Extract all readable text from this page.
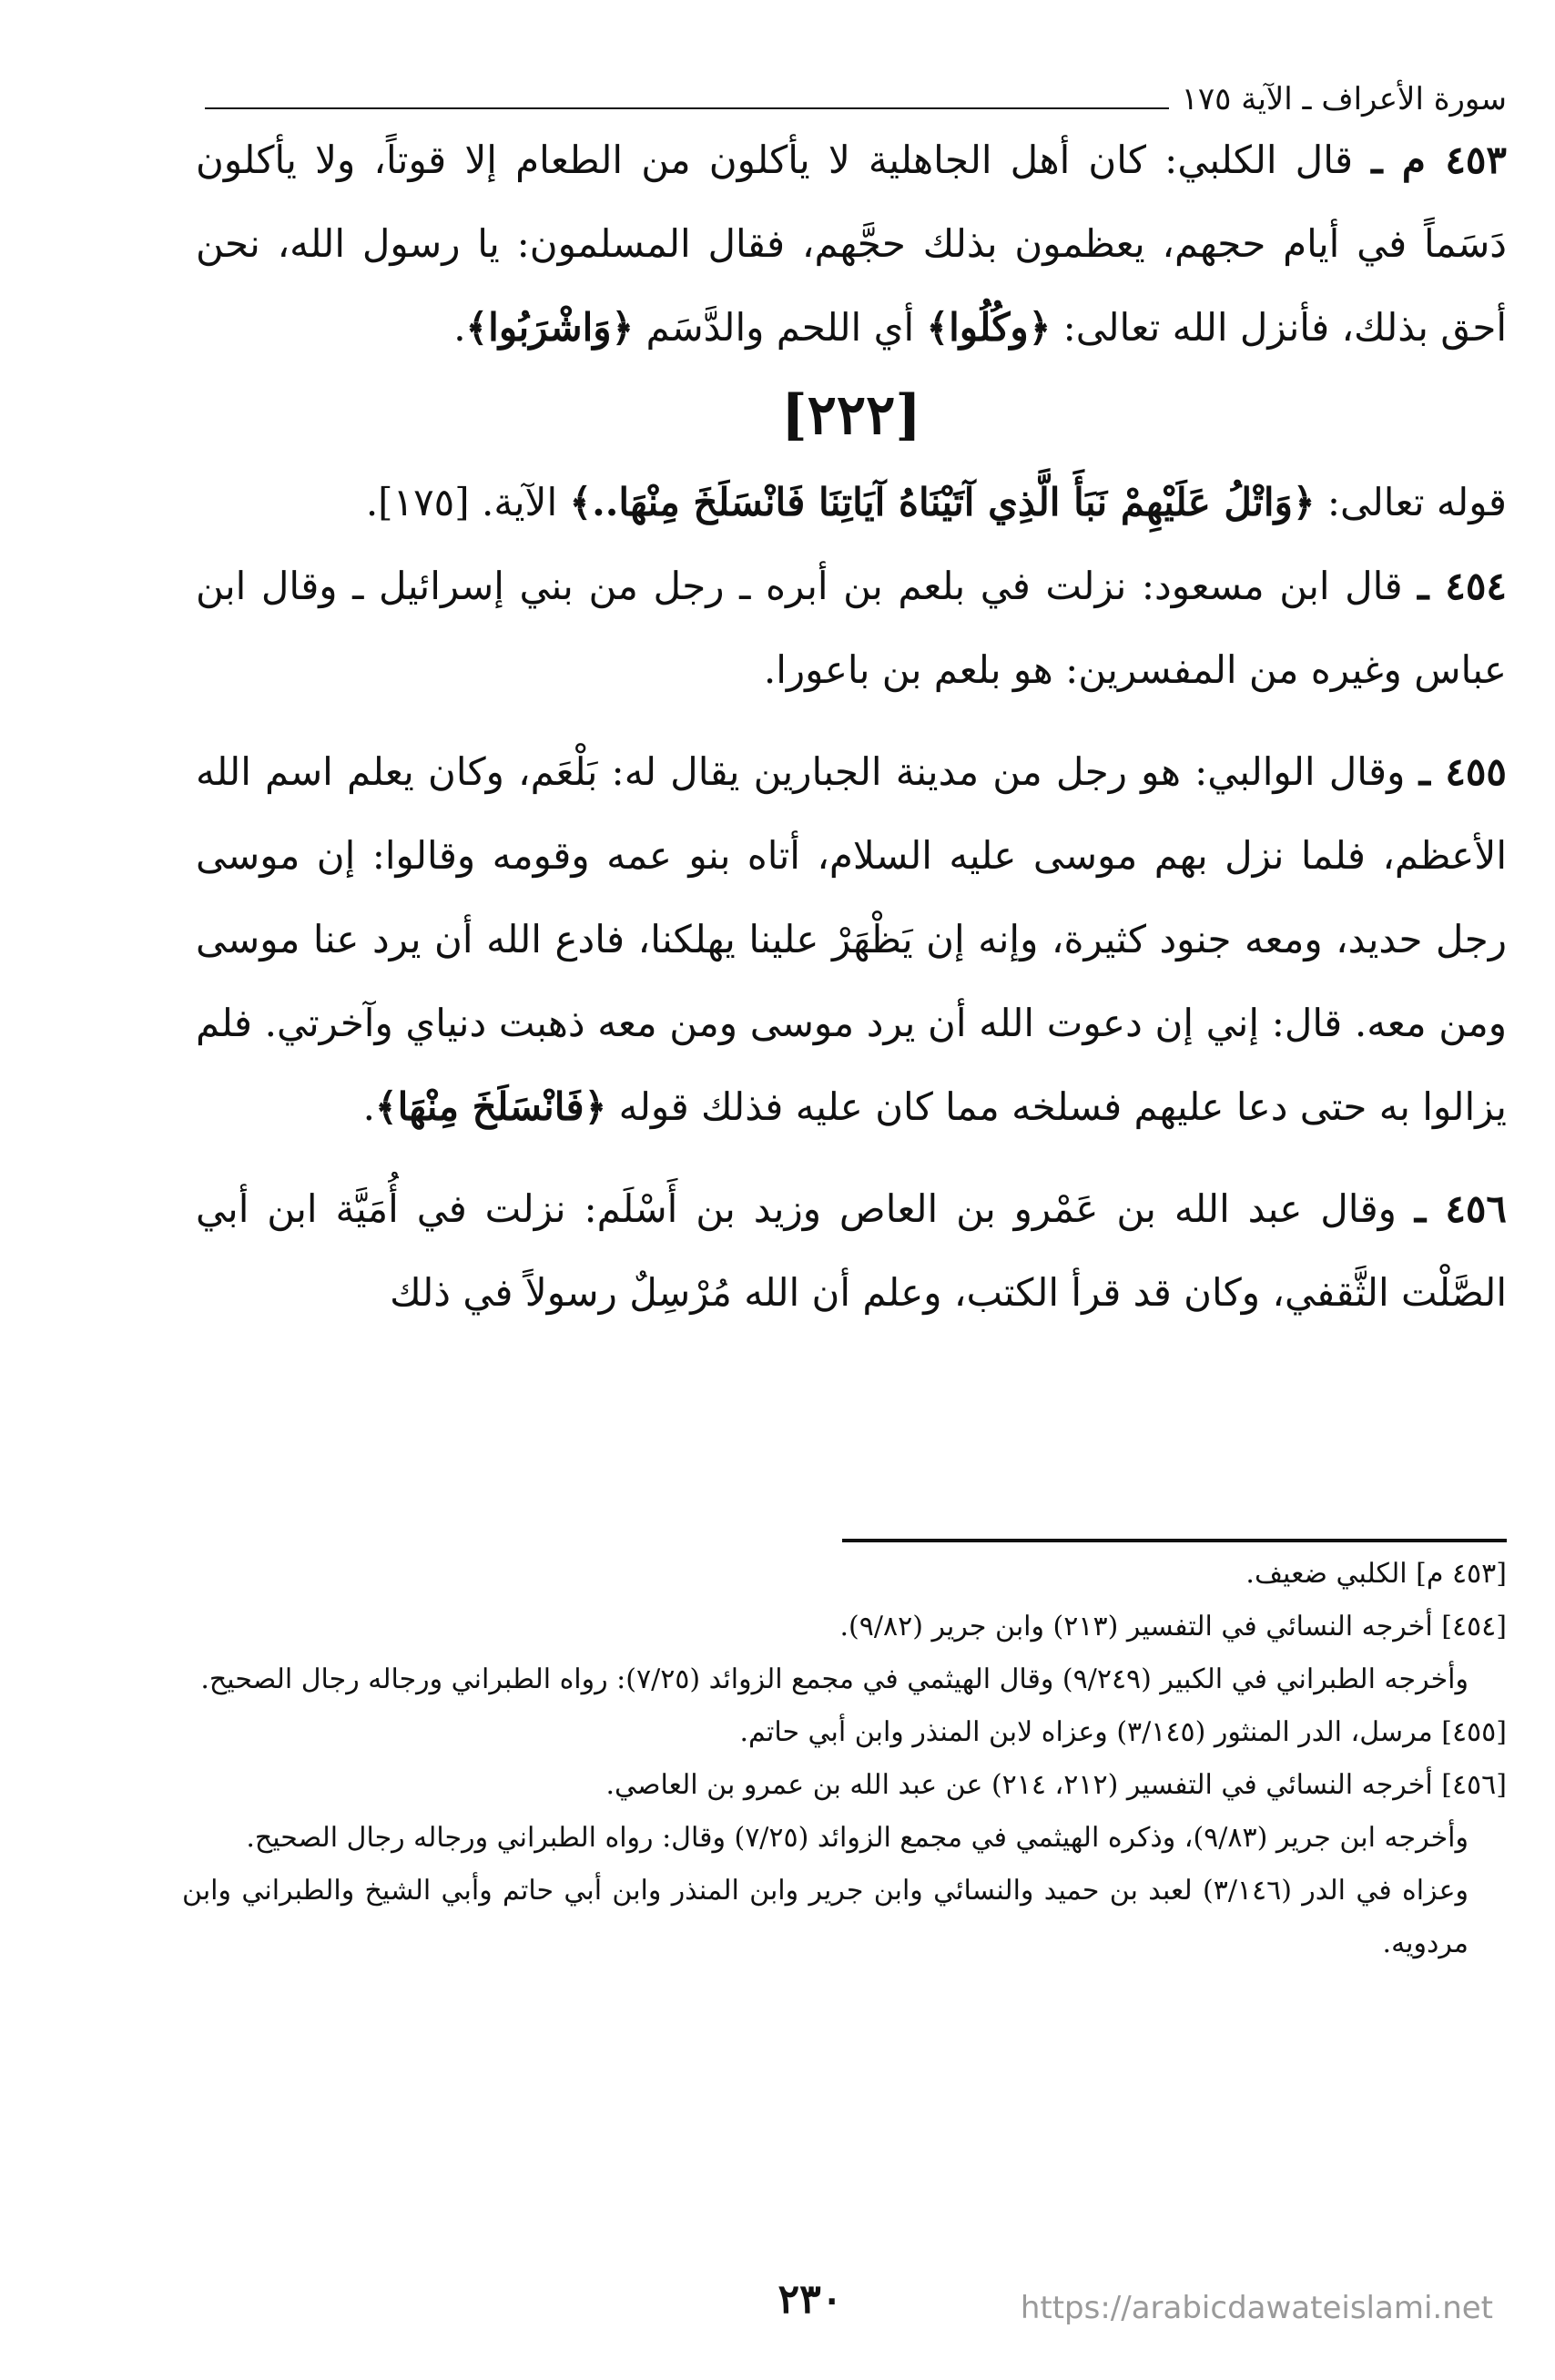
سورة الأعراف ـ الآية ١٧٥

٤٥٣ م ـ قال الكلبي: كان أهل الجاهلية لا يأكلون من الطعام إلا قوتاً، ولا يأكلون دَسَماً في أيام حجهم، يعظمون بذلك حجَّهم، فقال المسلمون: يا رسول الله، نحن أحق بذلك، فأنزل الله تعالى: ﴿وكُلُوا﴾ أي اللحم والدَّسَم ﴿وَاشْرَبُوا﴾.

[٢٢٢]

قوله تعالى: ﴿وَاتْلُ عَلَيْهِمْ نَبَأَ الَّذِي آتَيْنَاهُ آيَاتِنَا فَانْسَلَخَ مِنْهَا..﴾ الآية. [١٧٥].

٤٥٤ ـ قال ابن مسعود: نزلت في بلعم بن أبره ـ رجل من بني إسرائيل ـ وقال ابن عباس وغيره من المفسرين: هو بلعم بن باعورا.

٤٥٥ ـ وقال الوالبي: هو رجل من مدينة الجبارين يقال له: بَلْعَم، وكان يعلم اسم الله الأعظم، فلما نزل بهم موسى عليه السلام، أتاه بنو عمه وقومه وقالوا: إن موسى رجل حديد، ومعه جنود كثيرة، وإنه إن يَظْهَرْ علينا يهلكنا، فادع الله أن يرد عنا موسى ومن معه. قال: إني إن دعوت الله أن يرد موسى ومن معه ذهبت دنياي وآخرتي. فلم يزالوا به حتى دعا عليهم فسلخه مما كان عليه فذلك قوله ﴿فَانْسَلَخَ مِنْهَا﴾.

٤٥٦ ـ وقال عبد الله بن عَمْرو بن العاص وزيد بن أَسْلَم: نزلت في أُمَيَّة ابن أبي الصَّلْت الثَّقفي، وكان قد قرأ الكتب، وعلم أن الله مُرْسِلٌ رسولاً في ذلك

[٤٥٣ م] الكلبي ضعيف.

[٤٥٤] أخرجه النسائي في التفسير (٢١٣) وابن جرير (٩/٨٢).

وأخرجه الطبراني في الكبير (٩/٢٤٩) وقال الهيثمي في مجمع الزوائد (٧/٢٥): رواه الطبراني ورجاله رجال الصحيح.

[٤٥٥] مرسل، الدر المنثور (٣/١٤٥) وعزاه لابن المنذر وابن أبي حاتم.

[٤٥٦] أخرجه النسائي في التفسير (٢١٢، ٢١٤) عن عبد الله بن عمرو بن العاصي.

وأخرجه ابن جرير (٩/٨٣)، وذكره الهيثمي في مجمع الزوائد (٧/٢٥) وقال: رواه الطبراني ورجاله رجال الصحيح.

وعزاه في الدر (٣/١٤٦) لعبد بن حميد والنسائي وابن جرير وابن المنذر وابن أبي حاتم وأبي الشيخ والطبراني وابن مردويه.

٢٣٠	https://arabicdawateislami.net
